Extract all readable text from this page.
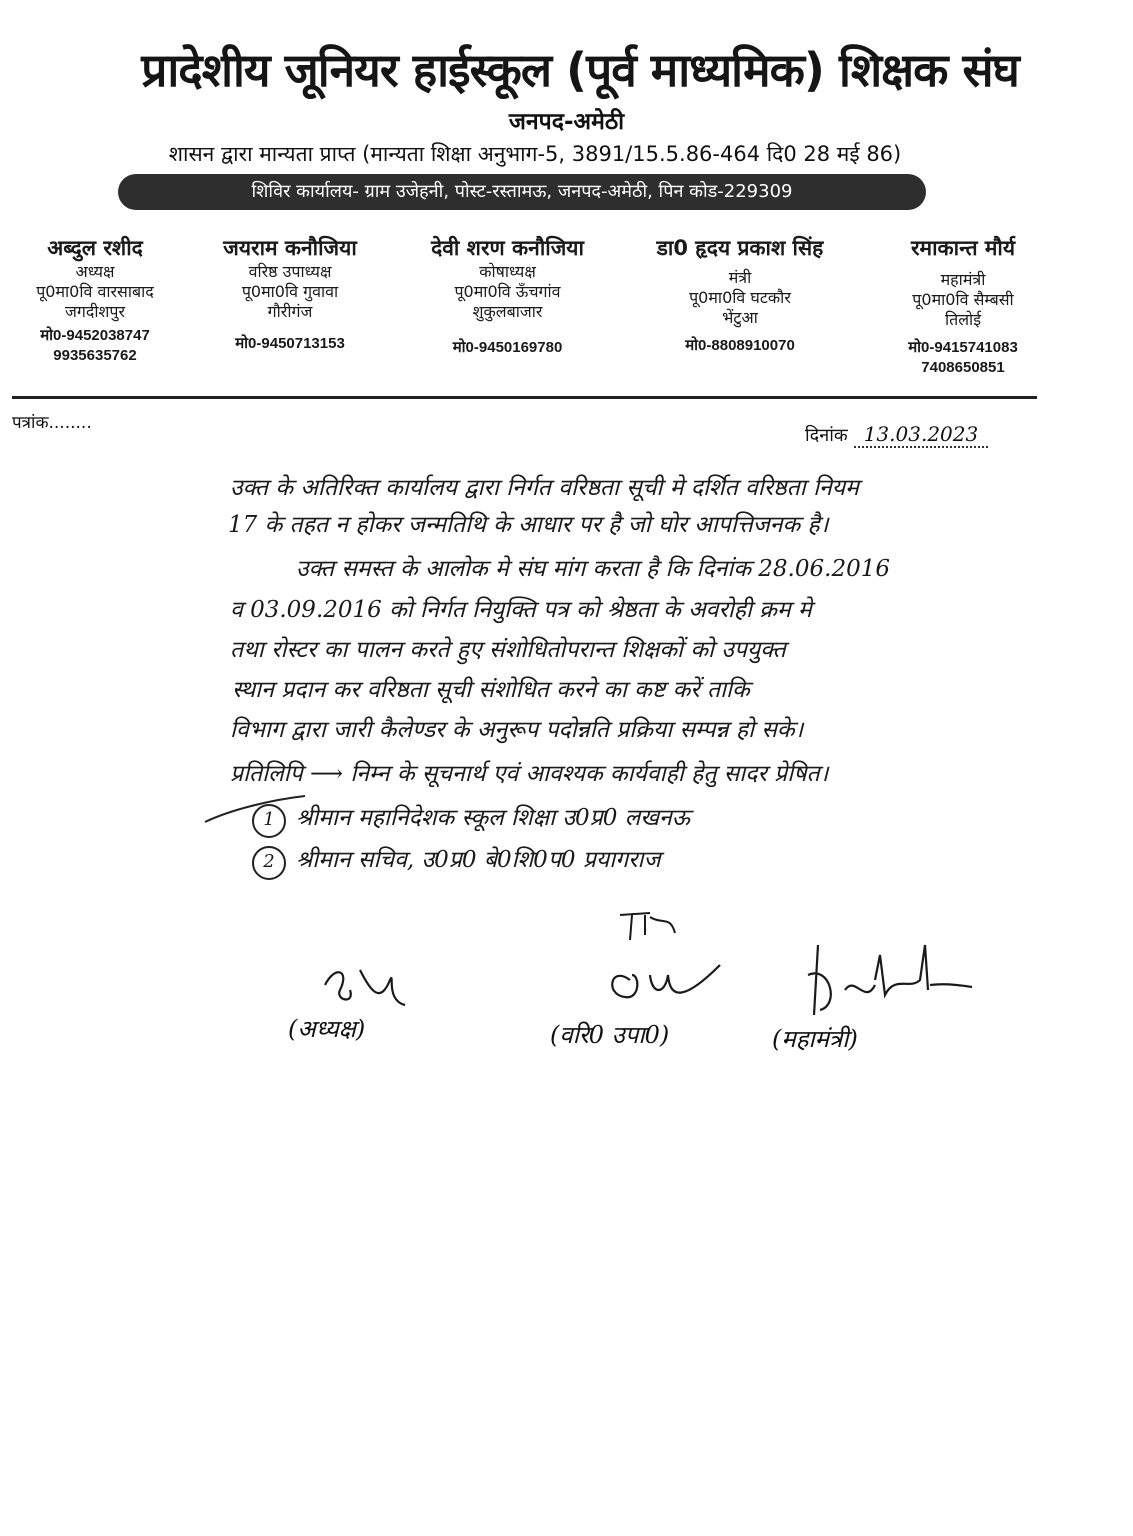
प्रादेशीय जूनियर हाईस्कूल (पूर्व माध्यमिक) शिक्षक संघ
जनपद-अमेठी
शासन द्वारा मान्यता प्राप्त (मान्यता शिक्षा अनुभाग-5, 3891/15.5.86-464 दि0 28 मई 86)
शिविर कार्यालय- ग्राम उजेहनी, पोस्ट-रस्तामऊ, जनपद-अमेठी, पिन कोड-229309
अब्दुल रशीद
अध्यक्ष
पू0मा0वि वारसाबाद
जगदीशपुर
मो0-9452038747
9935635762
जयराम कनौजिया
वरिष्ठ उपाध्यक्ष
पू0मा0वि गुवावा
गौरीगंज
मो0-9450713153
देवी शरण कनौजिया
कोषाध्यक्ष
पू0मा0वि ऊँचगांव
शुकुलबाजार
मो0-9450169780
डा0 हृदय प्रकाश सिंह
मंत्री
पू0मा0वि घटकौर
भेंटुआ
मो0-8808910070
रमाकान्त मौर्य
महामंत्री
पू0मा0वि सैम्बसी
तिलोई
मो0-9415741083
7408650851
पत्रांक........
दिनांक 13.03.2023
उक्त के अतिरिक्त कार्यालय द्वारा निर्गत वरिष्ठता सूची मे दर्शित वरिष्ठता नियम
17 के तहत न होकर जन्मतिथि के आधार पर है जो घोर आपत्तिजनक है।
उक्त समस्त के आलोक मे संघ मांग करता है कि दिनांक 28.06.2016
व 03.09.2016 को निर्गत नियुक्ति पत्र को श्रेष्ठता के अवरोही क्रम मे
तथा रोस्टर का पालन करते हुए संशोधितोपरान्त शिक्षकों को उपयुक्त
स्थान प्रदान कर वरिष्ठता सूची संशोधित करने का कष्ट करें ताकि
विभाग द्वारा जारी कैलेण्डर के अनुरूप पदोन्नति प्रक्रिया सम्पन्न हो सके।
प्रतिलिपि ⟶ निम्न के सूचनार्थ एवं आवश्यक कार्यवाही हेतु सादर प्रेषित।
1 श्रीमान महानिदेशक स्कूल शिक्षा उ0प्र0 लखनऊ
2 श्रीमान सचिव, उ0प्र0 बे0शि0प0 प्रयागराज
(अध्यक्ष)	(वरि0 उपा0)	(महामंत्री)
